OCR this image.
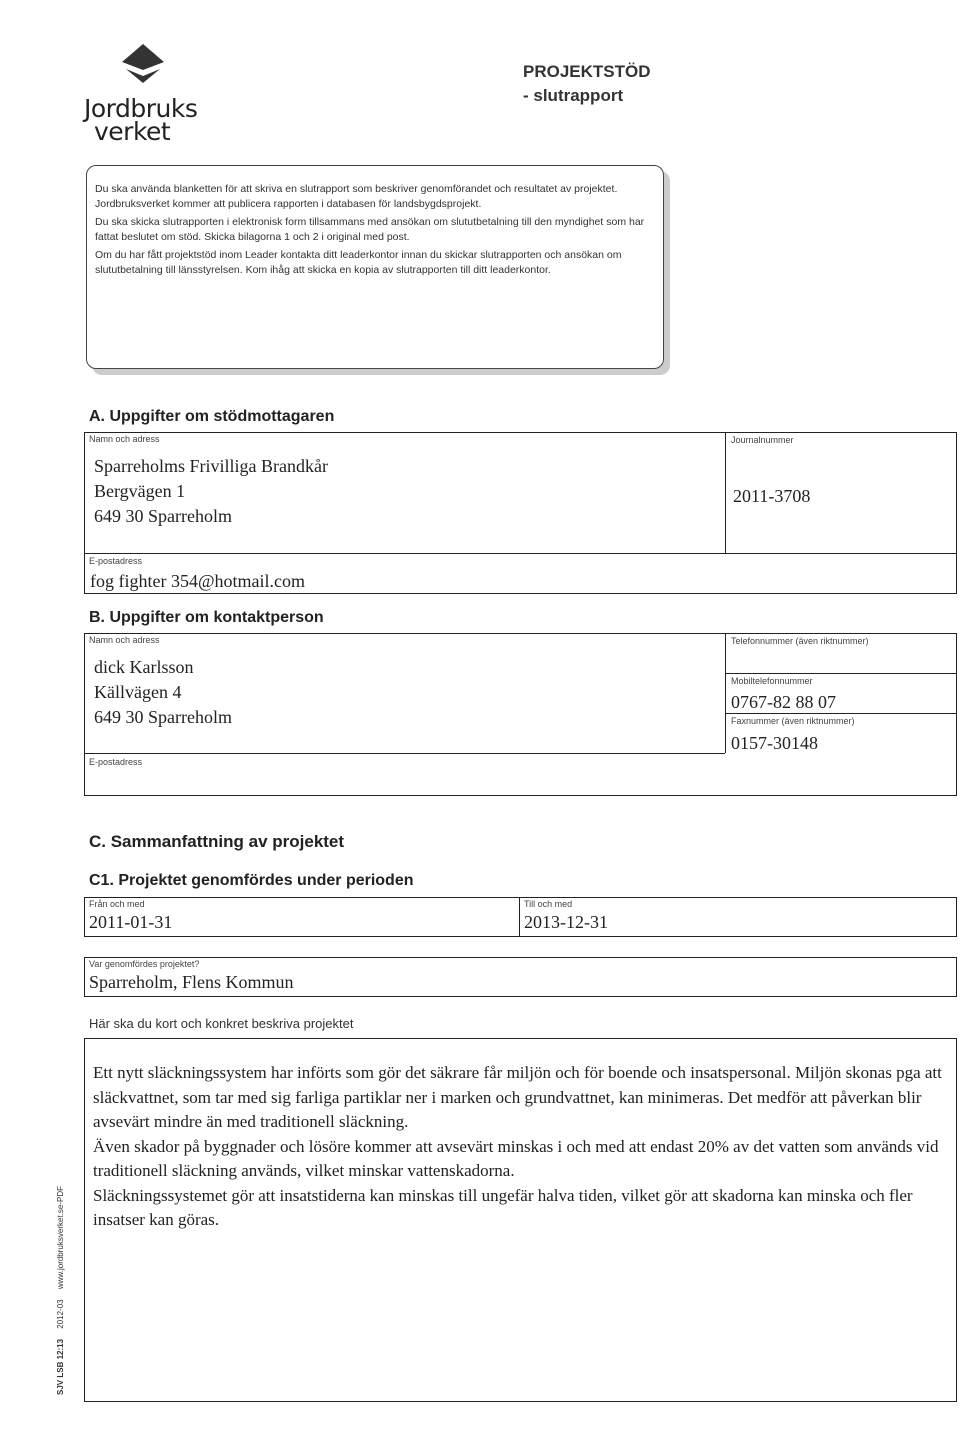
Jordbruks
verket
PROJEKTSTÖD
- slutrapport

Du ska använda blanketten för att skriva en slutrapport som beskriver genomförandet och resultatet av projektet. Jordbruksverket kommer att publicera rapporten i databasen för landsbygdsprojekt.

Du ska skicka slutrapporten i elektronisk form tillsammans med ansökan om slututbetalning till den myndighet som har fattat beslutet om stöd. Skicka bilagorna 1 och 2 i original med post.

Om du har fått projektstöd inom Leader kontakta ditt leaderkontor innan du skickar slutrapporten och ansökan om slututbetalning till länsstyrelsen. Kom ihåg att skicka en kopia av slutrapporten till ditt leaderkontor.

A. Uppgifter om stödmottagaren
Namn och adress
Sparreholms Frivilliga Brandkår
Bergvägen 1
649 30 Sparreholm
Journalnummer
2011-3708
E-postadress
fog fighter 354@hotmail.com
B. Uppgifter om kontaktperson
Namn och adress
dick Karlsson
Källvägen 4
649 30 Sparreholm
Telefonnummer (även riktnummer)
Mobiltelefonnummer
0767-82 88 07
Faxnummer (även riktnummer)
0157-30148
E-postadress
C. Sammanfattning av projektet
C1. Projektet genomfördes under perioden
Från och med
2011-01-31
Till och med
2013-12-31
Var genomfördes projektet?
Sparreholm, Flens Kommun
Här ska du kort och konkret beskriva projektet

Ett nytt släckningssystem har införts som gör det säkrare får miljön och för boende och insatspersonal. Miljön skonas pga att släckvattnet, som tar med sig farliga partiklar ner i marken och grundvattnet, kan minimeras. Det medför att påverkan blir avsevärt mindre än med traditionell släckning.

Även skador på byggnader och lösöre kommer att avsevärt minskas i och med att endast 20% av det vatten som används vid traditionell släckning används, vilket minskar vattenskadorna.

Släckningssystemet gör att insatstiderna kan minskas till ungefär halva tiden, vilket gör att skadorna kan minska och fler insatser kan göras.

SJV LSB 12:13 2012-03 www.jordbruksverket.se-PDF
